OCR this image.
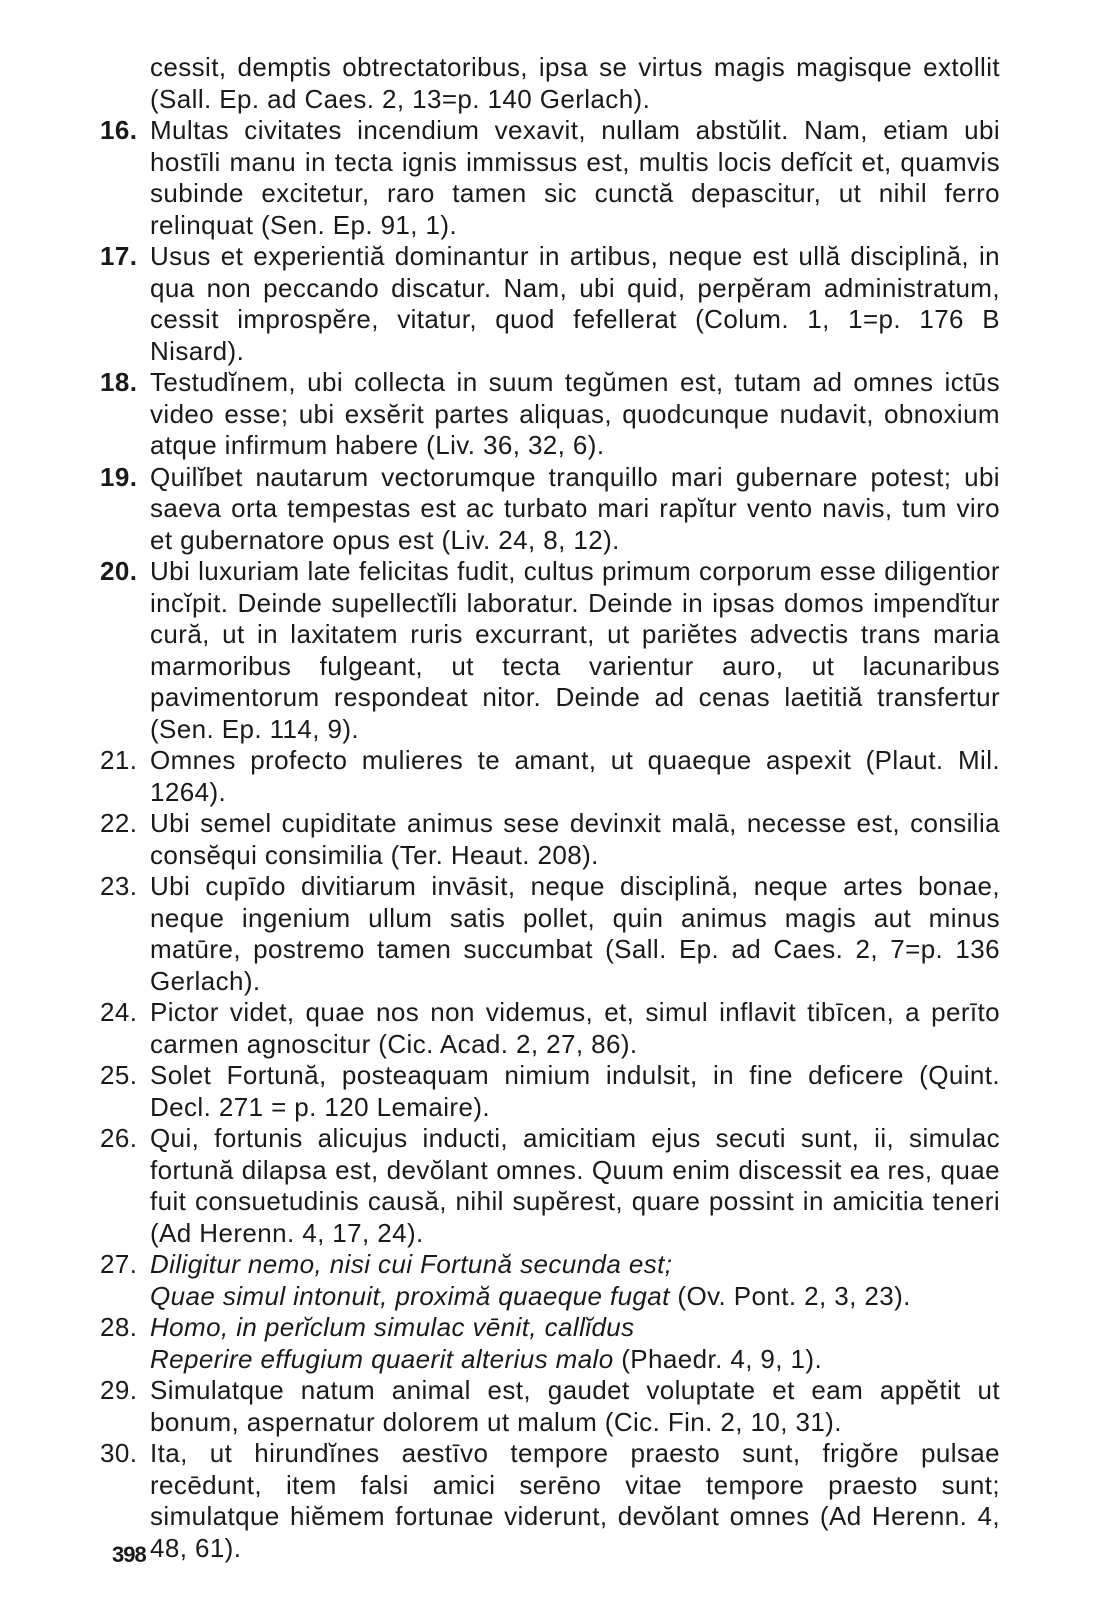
cessit, demptis obtrectatoribus, ipsa se virtus magis magisque extollit (Sall. Ep. ad Caes. 2, 13=p. 140 Gerlach).
16. Multas civitates incendium vexavit, nullam abstŭlit. Nam, etiam ubi hostīli manu in tecta ignis immissus est, multis locis defĭcit et, quamvis subinde excitetur, raro tamen sic cunctă depascitur, ut nihil ferro relinquat (Sen. Ep. 91, 1).
17. Usus et experientiă dominantur in artibus, neque est ullă disciplină, in qua non peccando discatur. Nam, ubi quid, perpĕram administratum, cessit improspĕre, vitatur, quod fefellerat (Colum. 1, 1=p. 176 B Nisard).
18. Testudĭnem, ubi collecta in suum tegŭmen est, tutam ad omnes ictūs video esse; ubi exsĕrit partes aliquas, quodcunque nudavit, obnoxium atque infirmum habere (Liv. 36, 32, 6).
19. Quilĭbet nautarum vectorumque tranquillo mari gubernare potest; ubi saeva orta tempestas est ac turbato mari rapĭtur vento navis, tum viro et gubernatore opus est (Liv. 24, 8, 12).
20. Ubi luxuriam late felicitas fudit, cultus primum corporum esse diligentior incĭpit. Deinde supellectĭli laboratur. Deinde in ipsas domos impendĭtur cură, ut in laxitatem ruris excurrant, ut pariĕtes advectis trans maria marmoribus fulgeant, ut tecta varientur auro, ut lacunaribus pavimentorum respondeat nitor. Deinde ad cenas laetitiă transfertur (Sen. Ep. 114, 9).
21. Omnes profecto mulieres te amant, ut quaeque aspexit (Plaut. Mil. 1264).
22. Ubi semel cupiditate animus sese devinxit malā, necesse est, consilia consĕqui consimilia (Ter. Heaut. 208).
23. Ubi cupīdo divitiarum invāsit, neque disciplină, neque artes bonae, neque ingenium ullum satis pollet, quin animus magis aut minus matūre, postremo tamen succumbat (Sall. Ep. ad Caes. 2, 7=p. 136 Gerlach).
24. Pictor videt, quae nos non videmus, et, simul inflavit tibīcen, a perīto carmen agnoscitur (Cic. Acad. 2, 27, 86).
25. Solet Fortună, posteaquam nimium indulsit, in fine deficere (Quint. Decl. 271 = p. 120 Lemaire).
26. Qui, fortunis alicujus inducti, amicitiam ejus secuti sunt, ii, simulac fortună dilapsa est, devŏlant omnes. Quum enim discessit ea res, quae fuit consuetudinis causă, nihil supĕrest, quare possint in amicitia teneri (Ad Herenn. 4, 17, 24).
27. Diligitur nemo, nisi cui Fortună secunda est;
Quae simul intonuit, proximă quaeque fugat (Ov. Pont. 2, 3, 23).
28. Homo, in perĭclum simulac vēnit, callĭdus
Reperire effugium quaerit alterius malo (Phaedr. 4, 9, 1).
29. Simulatque natum animal est, gaudet voluptate et eam appĕtit ut bonum, aspernatur dolorem ut malum (Cic. Fin. 2, 10, 31).
30. Ita, ut hirundĭnes aestīvo tempore praesto sunt, frigŏre pulsae recēdunt, item falsi amici serēno vitae tempore praesto sunt; simulatque hiĕmem fortunae viderunt, devŏlant omnes (Ad Herenn. 4, 48, 61).
398
